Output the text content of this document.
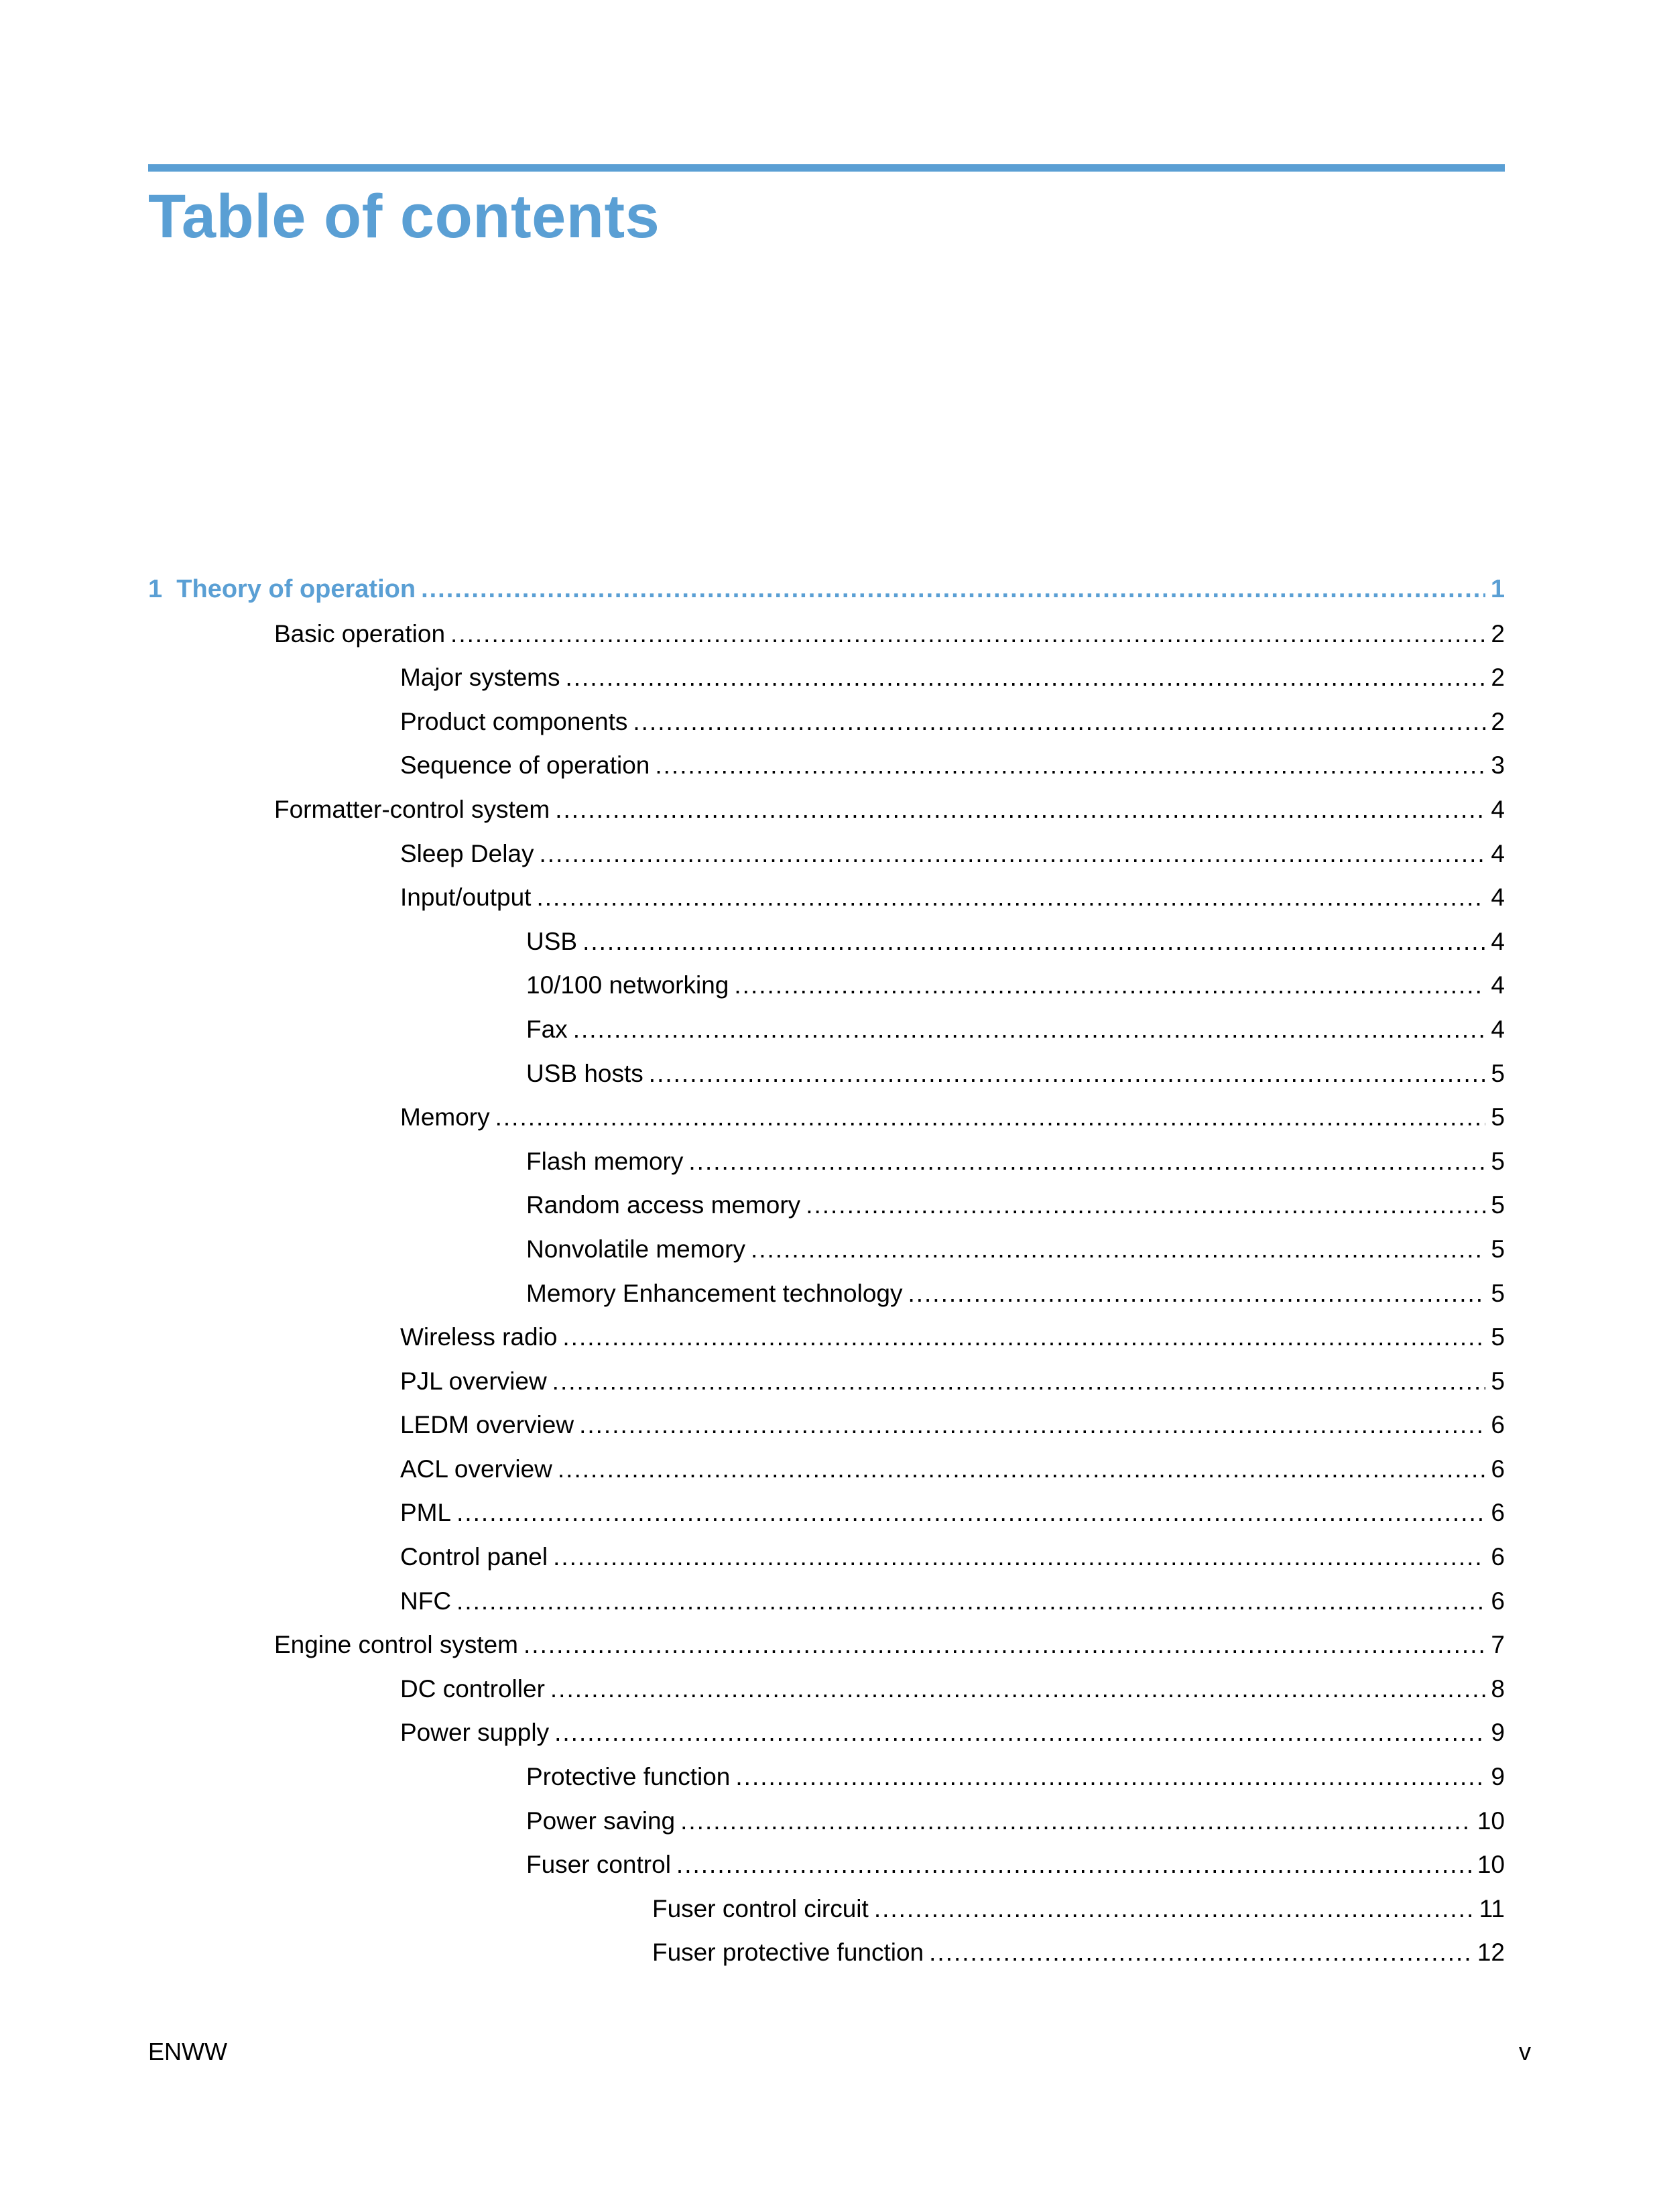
Table of contents
1 Theory of operation .....	1
Basic operation .....	2
Major systems .....	2
Product components .....	2
Sequence of operation .....	3
Formatter-control system .....	4
Sleep Delay .....	4
Input/output .....	4
USB .....	4
10/100 networking .....	4
Fax .....	4
USB hosts .....	5
Memory .....	5
Flash memory .....	5
Random access memory .....	5
Nonvolatile memory .....	5
Memory Enhancement technology .....	5
Wireless radio .....	5
PJL overview .....	5
LEDM overview .....	6
ACL overview .....	6
PML .....	6
Control panel .....	6
NFC .....	6
Engine control system .....	7
DC controller .....	8
Power supply .....	9
Protective function .....	9
Power saving .....	10
Fuser control .....	10
Fuser control circuit .....	11
Fuser protective function .....	12
ENWW	v
